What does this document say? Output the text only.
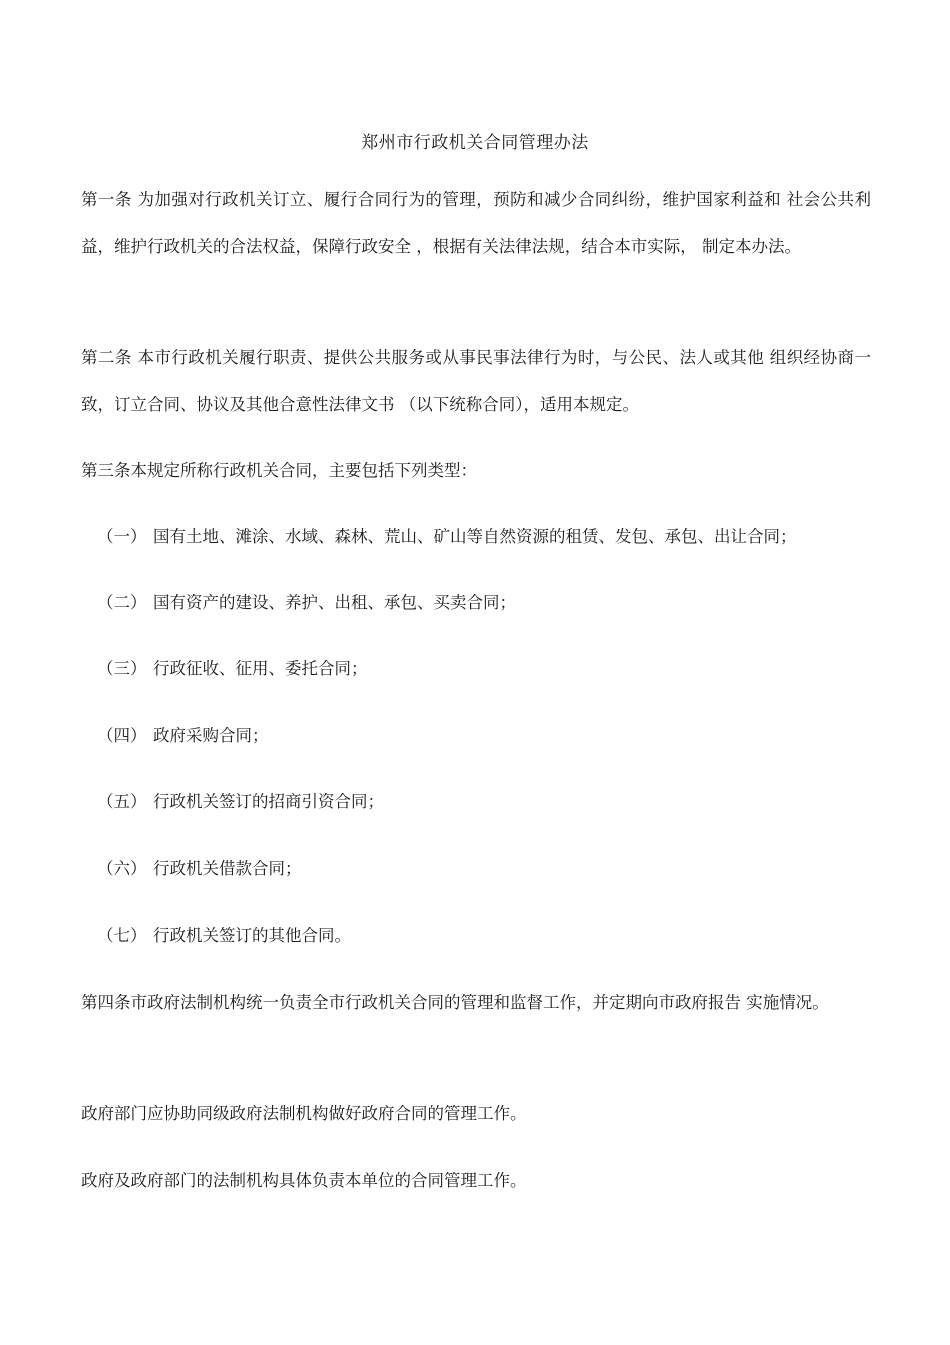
郑州市行政机关合同管理办法
第一条 为加强对行政机关订立、履行合同行为的管理，预防和减少合同纠纷，维护国家利益和 社会公共利益，维护行政机关的合法权益，保障行政安全 ，根据有关法律法规，结合本市实际， 制定本办法。
第二条 本市行政机关履行职责、提供公共服务或从事民事法律行为时，与公民、法人或其他 组织经协商一致，订立合同、协议及其他合意性法律文书 （以下统称合同），适用本规定。
第三条本规定所称行政机关合同，主要包括下列类型：
（一） 国有土地、滩涂、水域、森林、荒山、矿山等自然资源的租赁、发包、承包、出让合同；
（二） 国有资产的建设、养护、出租、承包、买卖合同；
（三） 行政征收、征用、委托合同；
（四） 政府采购合同；
（五） 行政机关签订的招商引资合同；
（六） 行政机关借款合同；
（七） 行政机关签订的其他合同。
第四条市政府法制机构统一负责全市行政机关合同的管理和监督工作，并定期向市政府报告 实施情况。
政府部门应协助同级政府法制机构做好政府合同的管理工作。
政府及政府部门的法制机构具体负责本单位的合同管理工作。
